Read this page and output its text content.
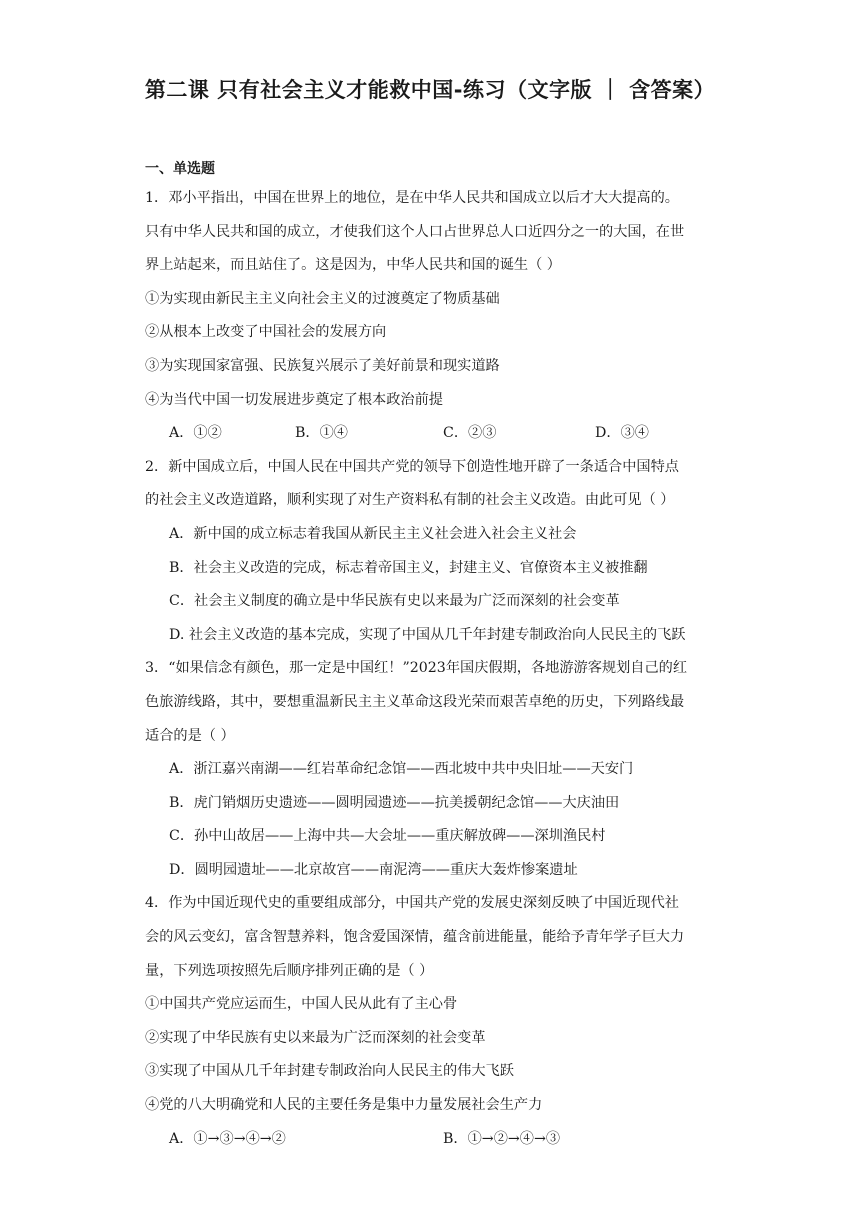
第二课 只有社会主义才能救中国-练习（文字版 ｜ 含答案）
一、单选题
1．邓小平指出，中国在世界上的地位，是在中华人民共和国成立以后才大大提高的。
只有中华人民共和国的成立，才使我们这个人口占世界总人口近四分之一的大国，在世
界上站起来，而且站住了。这是因为，中华人民共和国的诞生（ ）
①为实现由新民主主义向社会主义的过渡奠定了物质基础
②从根本上改变了中国社会的发展方向
③为实现国家富强、民族复兴展示了美好前景和现实道路
④为当代中国一切发展进步奠定了根本政治前提
A．①②	B．①④	C．②③	D．③④
2．新中国成立后，中国人民在中国共产党的领导下创造性地开辟了一条适合中国特点
的社会主义改造道路，顺利实现了对生产资料私有制的社会主义改造。由此可见（ ）
A．新中国的成立标志着我国从新民主主义社会进入社会主义社会
B．社会主义改造的完成，标志着帝国主义，封建主义、官僚资本主义被推翻
C．社会主义制度的确立是中华民族有史以来最为广泛而深刻的社会变革
D. 社会主义改造的基本完成，实现了中国从几千年封建专制政治向人民民主的飞跃
3．“如果信念有颜色，那一定是中国红！”2023年国庆假期，各地游游客规划自己的红
色旅游线路，其中，要想重温新民主主义革命这段光荣而艰苦卓绝的历史，下列路线最
适合的是（ ）
A．浙江嘉兴南湖——红岩革命纪念馆——西北坡中共中央旧址——天安门
B．虎门销烟历史遗迹——圆明园遗迹——抗美援朝纪念馆——大庆油田
C．孙中山故居——上海中共—大会址——重庆解放碑——深圳渔民村
D．圆明园遗址——北京故宫——南泥湾——重庆大轰炸惨案遗址
4．作为中国近现代史的重要组成部分，中国共产党的发展史深刻反映了中国近现代社
会的风云变幻，富含智慧养料，饱含爱国深情，蕴含前进能量，能给予青年学子巨大力
量，下列选项按照先后顺序排列正确的是（ ）
①中国共产党应运而生，中国人民从此有了主心骨
②实现了中华民族有史以来最为广泛而深刻的社会变革
③实现了中国从几千年封建专制政治向人民民主的伟大飞跃
④党的八大明确党和人民的主要任务是集中力量发展社会生产力
A．①→③→④→②	B．①→②→④→③
